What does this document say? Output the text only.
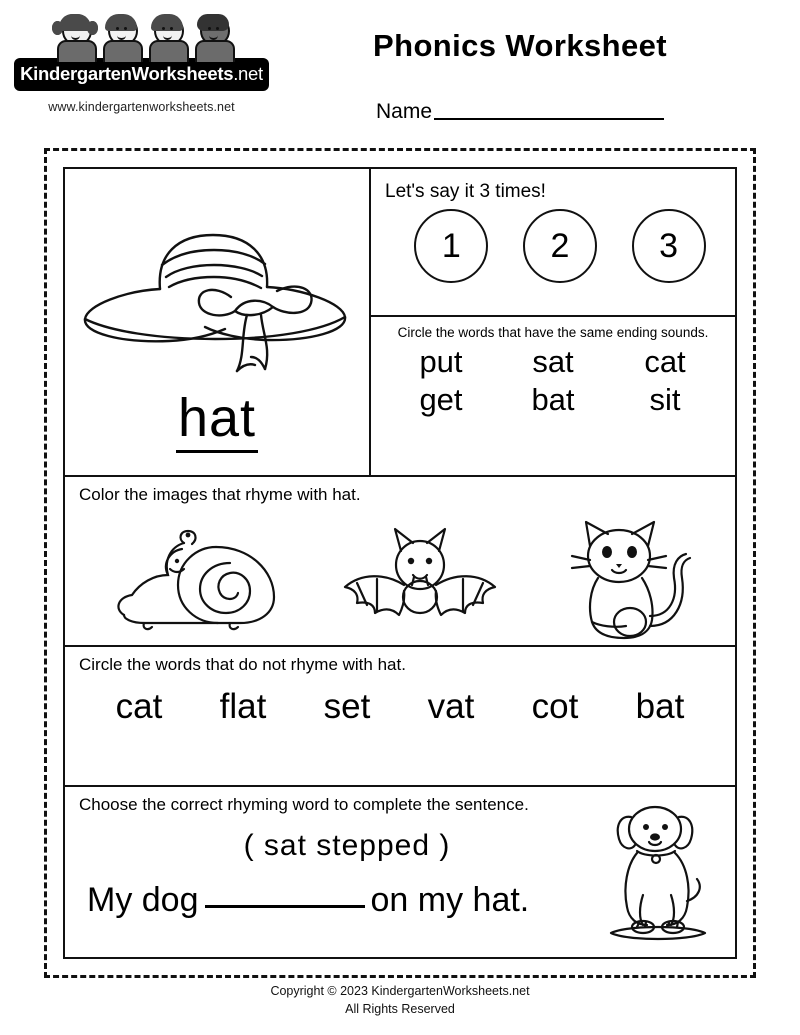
KindergartenWorksheets.net
www.kindergartenworksheets.net
Phonics Worksheet
Name
hat
Let's say it 3 times!
1	2	3
Circle the words that have the same ending sounds.
put	sat	cat
get	bat	sit
Color the images that rhyme with hat.
Circle the words that do not rhyme with hat.
cat flat set vat cot bat
Choose the correct rhyming word to complete the sentence.
( sat stepped )
My dog	on my hat.
Copyright © 2023 KindergartenWorksheets.net
All Rights Reserved
